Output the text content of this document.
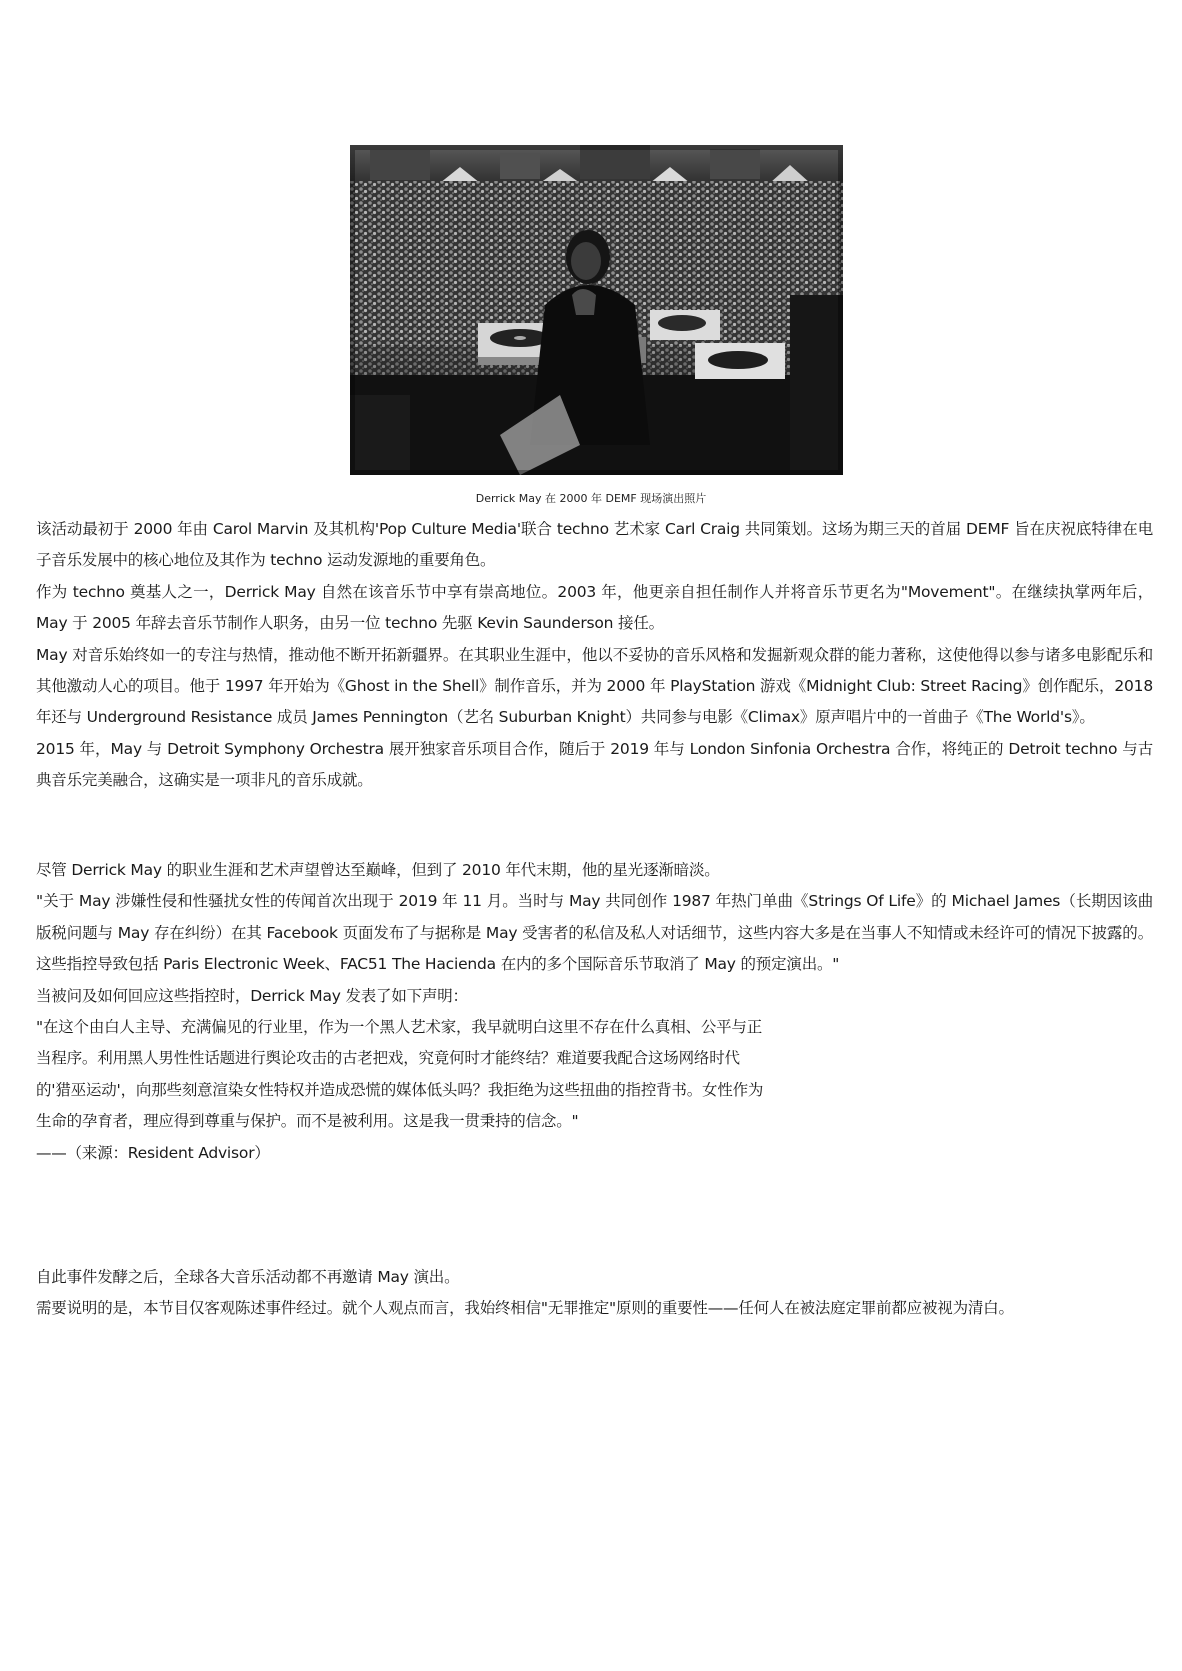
Derrick May 在 2000 年 DEMF 现场演出照片

该活动最初于 2000 年由 Carol Marvin 及其机构'Pop Culture Media'联合 techno 艺术家 Carl Craig 共同策划。这场为期三天的首届 DEMF 旨在庆祝底特律在电子音乐发展中的核心地位及其作为 techno 运动发源地的重要角色。

作为 techno 奠基人之一，Derrick May 自然在该音乐节中享有崇高地位。2003 年，他更亲自担任制作人并将音乐节更名为"Movement"。在继续执掌两年后，May 于 2005 年辞去音乐节制作人职务，由另一位 techno 先驱 Kevin Saunderson 接任。

May 对音乐始终如一的专注与热情，推动他不断开拓新疆界。在其职业生涯中，他以不妥协的音乐风格和发掘新观众群的能力著称，这使他得以参与诸多电影配乐和其他激动人心的项目。他于 1997 年开始为《Ghost in the Shell》制作音乐，并为 2000 年 PlayStation 游戏《Midnight Club: Street Racing》创作配乐，2018 年还与 Underground Resistance 成员 James Pennington（艺名 Suburban Knight）共同参与电影《Climax》原声唱片中的一首曲子《The World's》。

2015 年，May 与 Detroit Symphony Orchestra 展开独家音乐项目合作，随后于 2019 年与 London Sinfonia Orchestra 合作，将纯正的 Detroit techno 与古典音乐完美融合，这确实是一项非凡的音乐成就。

尽管 Derrick May 的职业生涯和艺术声望曾达至巅峰，但到了 2010 年代末期，他的星光逐渐暗淡。

"关于 May 涉嫌性侵和性骚扰女性的传闻首次出现于 2019 年 11 月。当时与 May 共同创作 1987 年热门单曲《Strings Of Life》的 Michael James（长期因该曲版税问题与 May 存在纠纷）在其 Facebook 页面发布了与据称是 May 受害者的私信及私人对话细节，这些内容大多是在当事人不知情或未经许可的情况下披露的。这些指控导致包括 Paris Electronic Week、FAC51 The Hacienda 在内的多个国际音乐节取消了 May 的预定演出。"

当被问及如何回应这些指控时，Derrick May 发表了如下声明：

"在这个由白人主导、充满偏见的行业里，作为一个黑人艺术家，我早就明白这里不存在什么真相、公平与正当程序。利用黑人男性性话题进行舆论攻击的古老把戏，究竟何时才能终结？难道要我配合这场网络时代的'猎巫运动'，向那些刻意渲染女性特权并造成恐慌的媒体低头吗？我拒绝为这些扭曲的指控背书。女性作为生命的孕育者，理应得到尊重与保护。而不是被利用。这是我一贯秉持的信念。"

——（来源：Resident Advisor）

自此事件发酵之后，全球各大音乐活动都不再邀请 May 演出。

需要说明的是，本节目仅客观陈述事件经过。就个人观点而言，我始终相信"无罪推定"原则的重要性——任何人在被法庭定罪前都应被视为清白。
